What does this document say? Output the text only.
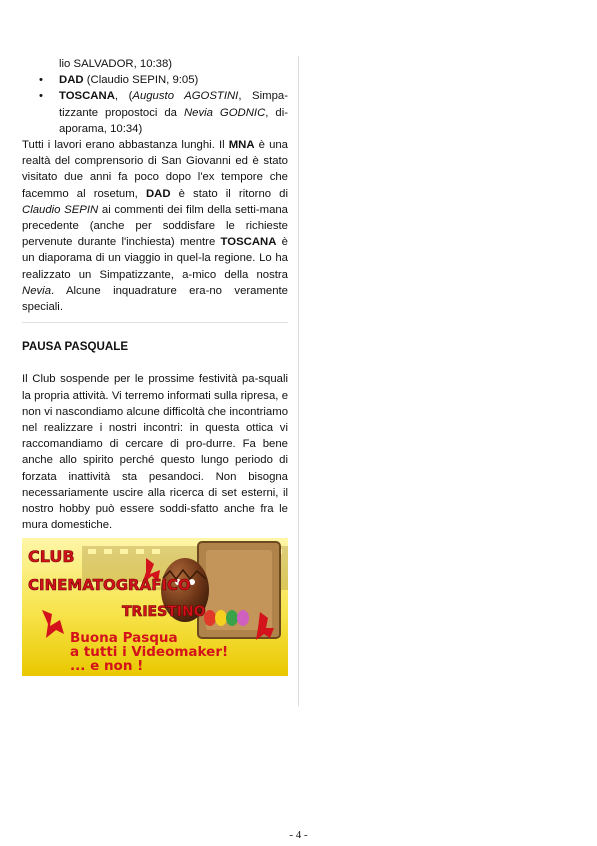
lio SALVADOR, 10:38)
• DAD (Claudio SEPIN, 9:05)
• TOSCANA, (Augusto AGOSTINI, Simpa-tizzante propostoci da Nevia GODNIC, di-aporama, 10:34)

Tutti i lavori erano abbastanza lunghi. Il MNA è una realtà del comprensorio di San Giovanni ed è stato visitato due anni fa poco dopo l'ex tempore che facemmo al rosetum, DAD è stato il ritorno di Claudio SEPIN ai commenti dei film della setti-mana precedente (anche per soddisfare le richieste pervenute durante l'inchiesta) mentre TOSCANA è un diaporama di un viaggio in quel-la regione. Lo ha realizzato un Simpatizzante, a-mico della nostra Nevia. Alcune inquadrature era-no veramente speciali.

PAUSA PASQUALE

Il Club sospende per le prossime festività pa-squali la propria attività. Vi terremo informati sulla ripresa, e non vi nascondiamo alcune difficoltà che incontriamo nel realizzare i nostri incontri: in questa ottica vi raccomandiamo di cercare di pro-durre. Fa bene anche allo spirito perché questo lungo periodo di forzata inattività sta pesandoci. Non bisogna necessariamente uscire alla ricerca di set esterni, il nostro hobby può essere soddi-sfatto anche fra le mura domestiche.

CLUB
CINEMATOGRAFICO
TRIESTINO
Buona Pasqua
a tutti i Videomaker!
... e non !
- 4 -
